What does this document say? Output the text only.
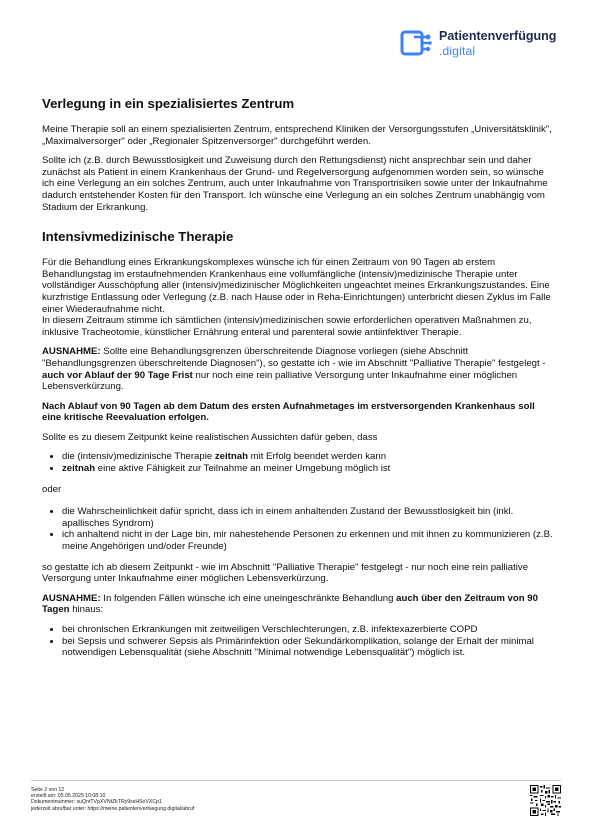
Patientenverfügung
.digital
Verlegung in ein spezialisiertes Zentrum

Meine Therapie soll an einem spezialisierten Zentrum, entsprechend Kliniken der Versorgungsstufen „Universitätsklinik", „Maximalversorger" oder „Regionaler Spitzenversorger" durchgeführt werden.

Sollte ich (z.B. durch Bewusstlosigkeit und Zuweisung durch den Rettungsdienst) nicht ansprechbar sein und daher zunächst als Patient in einem Krankenhaus der Grund- und Regelversorgung aufgenommen worden sein, so wünsche ich eine Verlegung an ein solches Zentrum, auch unter Inkaufnahme von Transportrisiken sowie unter der Inkaufnahme dadurch entstehender Kosten für den Transport. Ich wünsche eine Verlegung an ein solches Zentrum unabhängig vom Stadium der Erkrankung.

Intensivmedizinische Therapie

Für die Behandlung eines Erkrankungskomplexes wünsche ich für einen Zeitraum von 90 Tagen ab erstem Behandlungstag im erstaufnehmenden Krankenhaus eine vollumfängliche (intensiv)medizinische Therapie unter vollständiger Ausschöpfung aller (intensiv)medizinischer Möglichkeiten ungeachtet meines Erkrankungszustandes. Eine kurzfristige Entlassung oder Verlegung (z.B. nach Hause oder in Reha-Einrichtungen) unterbricht diesen Zyklus im Falle einer Wiederaufnahme nicht.

In diesem Zeitraum stimme ich sämtlichen (intensiv)medizinischen sowie erforderlichen operativen Maßnahmen zu, inklusive Tracheotomie, künstlicher Ernährung enteral und parenteral sowie antiinfektiver Therapie.

AUSNAHME: Sollte eine Behandlungsgrenzen überschreitende Diagnose vorliegen (siehe Abschnitt "Behandlungsgrenzen überschreitende Diagnosen"), so gestatte ich - wie im Abschnitt "Palliative Therapie" festgelegt - auch vor Ablauf der 90 Tage Frist nur noch eine rein palliative Versorgung unter Inkaufnahme einer möglichen Lebensverkürzung.

Nach Ablauf von 90 Tagen ab dem Datum des ersten Aufnahmetages im erstversorgenden Krankenhaus soll eine kritische Reevaluation erfolgen.

Sollte es zu diesem Zeitpunkt keine realistischen Aussichten dafür geben, dass

• die (intensiv)medizinische Therapie zeitnah mit Erfolg beendet werden kann
• zeitnah eine aktive Fähigkeit zur Teilnahme an meiner Umgebung möglich ist

oder

• die Wahrscheinlichkeit dafür spricht, dass ich in einem anhaltenden Zustand der Bewusstlosigkeit bin (inkl. apallisches Syndrom)
• ich anhaltend nicht in der Lage bin, mir nahestehende Personen zu erkennen und mit ihnen zu kommunizieren (z.B. meine Angehörigen und/oder Freunde)

so gestatte ich ab diesem Zeitpunkt - wie im Abschnitt "Palliative Therapie" festgelegt - nur noch eine rein palliative Versorgung unter Inkaufnahme einer möglichen Lebensverkürzung.

AUSNAHME: In folgenden Fällen wünsche ich eine uneingeschränkte Behandlung auch über den Zeitraum von 90 Tagen hinaus:

• bei chronischen Erkrankungen mit zeitweiligen Verschlechterungen, z.B. infektexazerbierte COPD
• bei Sepsis und schwerer Sepsis als Primärinfektion oder Sekundärkomplikation, solange der Erhalt der minimal notwendigen Lebensqualität (siehe Abschnitt "Minimal notwendige Lebensqualität") möglich ist.
Seite 2 von 12
erstellt am: 05.05.2025 10:08:10
Dokumentnummer: suQntTVpXVNtZkTRy9ssHSoVXCp1
jederzeit abrufbar unter: https://meine.patientenverfuegung.digital/abruf
